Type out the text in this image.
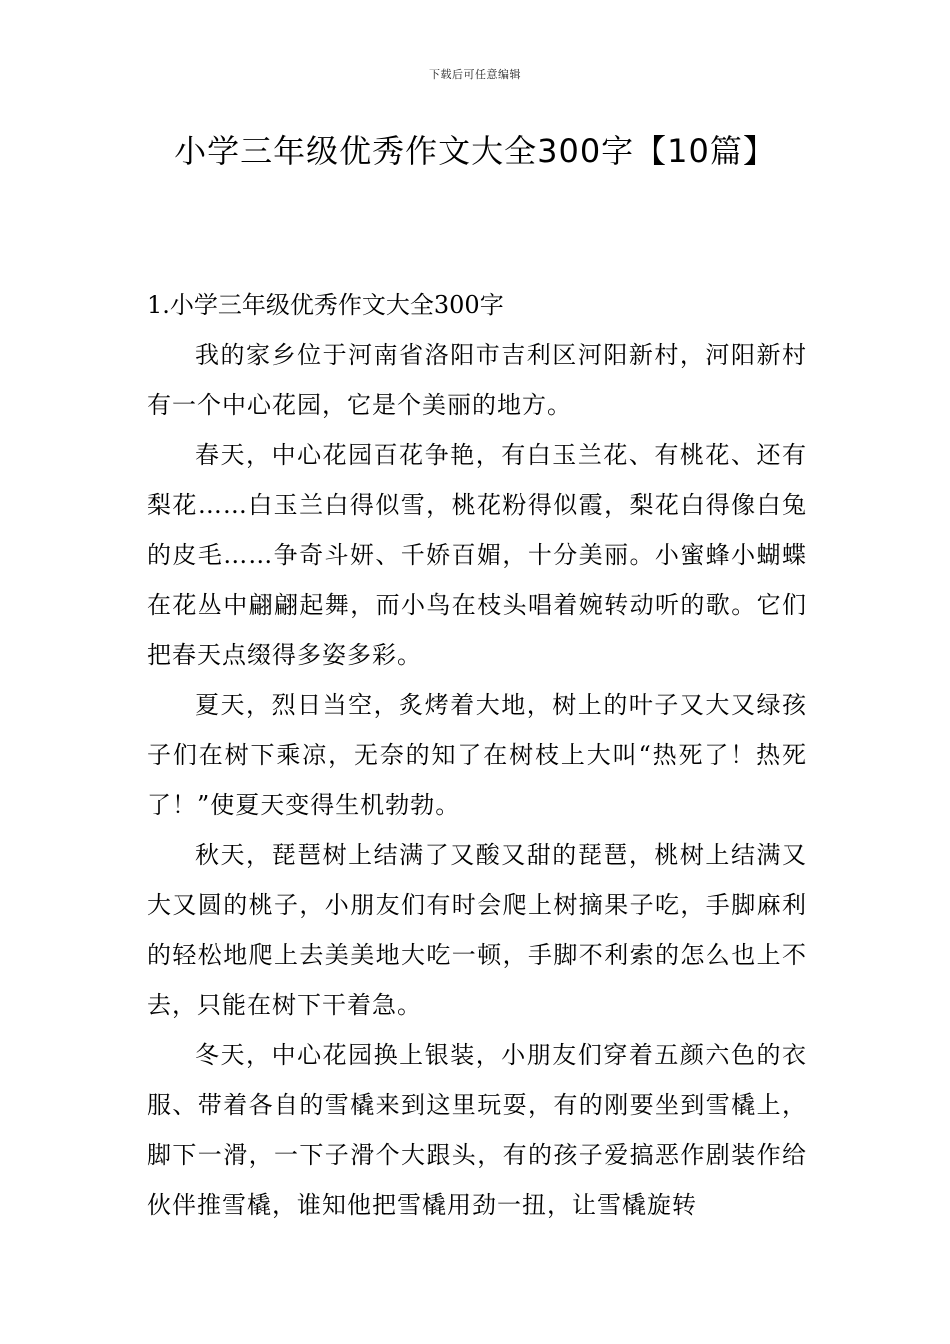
下载后可任意编辑
小学三年级优秀作文大全300字【10篇】
1.小学三年级优秀作文大全300字

我的家乡位于河南省洛阳市吉利区河阳新村，河阳新村有一个中心花园，它是个美丽的地方。

春天，中心花园百花争艳，有白玉兰花、有桃花、还有梨花……白玉兰白得似雪，桃花粉得似霞，梨花白得像白兔的皮毛……争奇斗妍、千娇百媚，十分美丽。小蜜蜂小蝴蝶在花丛中翩翩起舞，而小鸟在枝头唱着婉转动听的歌。它们把春天点缀得多姿多彩。

夏天，烈日当空，炙烤着大地，树上的叶子又大又绿孩子们在树下乘凉，无奈的知了在树枝上大叫“热死了！热死了！”使夏天变得生机勃勃。

秋天，琵琶树上结满了又酸又甜的琵琶，桃树上结满又大又圆的桃子，小朋友们有时会爬上树摘果子吃，手脚麻利的轻松地爬上去美美地大吃一顿，手脚不利索的怎么也上不去，只能在树下干着急。

冬天，中心花园换上银装，小朋友们穿着五颜六色的衣服、带着各自的雪橇来到这里玩耍，有的刚要坐到雪橇上，脚下一滑，一下子滑个大跟头，有的孩子爱搞恶作剧装作给伙伴推雪橇，谁知他把雪橇用劲一扭，让雪橇旋转
